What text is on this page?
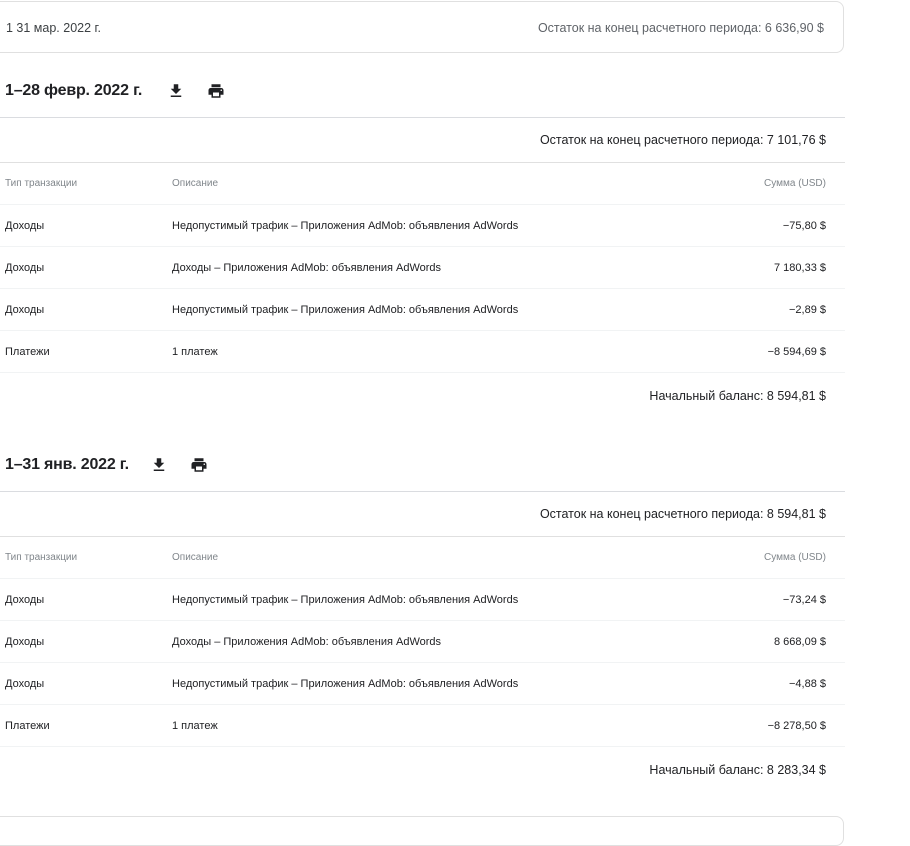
1 31 мар. 2022 г.	Остаток на конец расчетного периода: 6 636,90 $
1–28 февр. 2022 г.
Остаток на конец расчетного периода: 7 101,76 $
Тип транзакции	Описание	Сумма (USD)
Доходы	Недопустимый трафик – Приложения AdMob: объявления AdWords	−75,80 $
Доходы	Доходы – Приложения AdMob: объявления AdWords	7 180,33 $
Доходы	Недопустимый трафик – Приложения AdMob: объявления AdWords	−2,89 $
Платежи	1 платеж	−8 594,69 $
Начальный баланс: 8 594,81 $
1–31 янв. 2022 г.
Остаток на конец расчетного периода: 8 594,81 $
Тип транзакции	Описание	Сумма (USD)
Доходы	Недопустимый трафик – Приложения AdMob: объявления AdWords	−73,24 $
Доходы	Доходы – Приложения AdMob: объявления AdWords	8 668,09 $
Доходы	Недопустимый трафик – Приложения AdMob: объявления AdWords	−4,88 $
Платежи	1 платеж	−8 278,50 $
Начальный баланс: 8 283,34 $
